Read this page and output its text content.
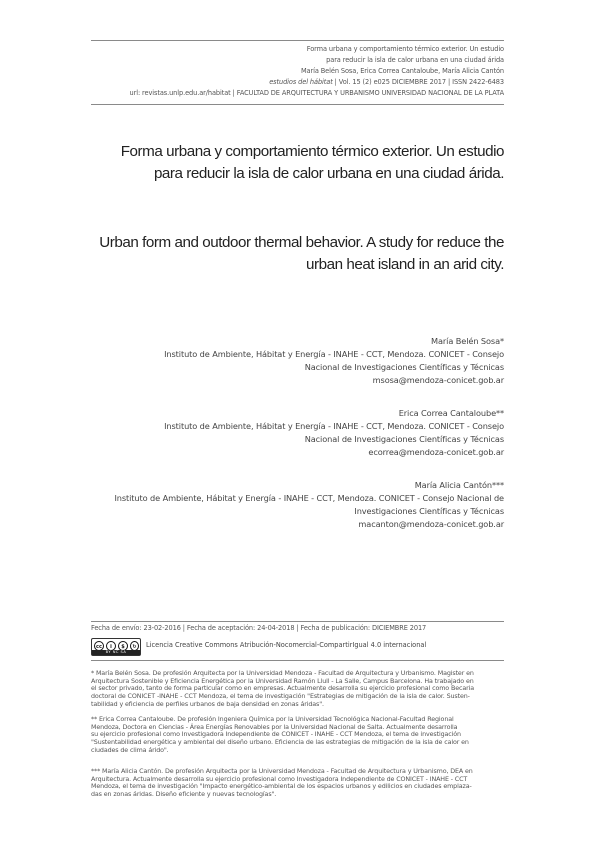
Forma urbana y comportamiento térmico exterior. Un estudio
para reducir la isla de calor urbana en una ciudad árida
María Belén Sosa, Erica Correa Cantaloube, María Alicia Cantón
estudios del hábitat | Vol. 15 (2) e025 DICIEMBRE 2017 | ISSN 2422-6483
url: revistas.unlp.edu.ar/habitat | FACULTAD DE ARQUITECTURA Y URBANISMO UNIVERSIDAD NACIONAL DE LA PLATA
Forma urbana y comportamiento térmico exterior. Un estudio
para reducir la isla de calor urbana en una ciudad árida.
Urban form and outdoor thermal behavior. A study for reduce the
urban heat island in an arid city.
María Belén Sosa*
Instituto de Ambiente, Hábitat y Energía - INAHE - CCT, Mendoza. CONICET - Consejo
Nacional de Investigaciones Científicas y Técnicas
msosa@mendoza-conicet.gob.ar
Erica Correa Cantaloube**
Instituto de Ambiente, Hábitat y Energía - INAHE - CCT, Mendoza. CONICET - Consejo
Nacional de Investigaciones Científicas y Técnicas
ecorrea@mendoza-conicet.gob.ar
María Alicia Cantón***
Instituto de Ambiente, Hábitat y Energía - INAHE - CCT, Mendoza. CONICET - Consejo Nacional de
Investigaciones Científicas y Técnicas
macanton@mendoza-conicet.gob.ar
Fecha de envío: 23-02-2016 | Fecha de aceptación: 24-04-2018 | Fecha de publicación: DICIEMBRE 2017
cc	i	$	↻
BY NC SA
Licencia Creative Commons Atribución-Nocomercial-CompartirIgual 4.0 internacional
* María Belén Sosa. De profesión Arquitecta por la Universidad Mendoza - Facultad de Arquitectura y Urbanismo. Magister en
Arquitectura Sostenible y Eficiencia Energética por la Universidad Ramón Llull - La Salle, Campus Barcelona. Ha trabajado en
el sector privado, tanto de forma particular como en empresas. Actualmente desarrolla su ejercicio profesional como Becaria
doctoral de CONICET -INAHE - CCT Mendoza, el tema de investigación "Estrategias de mitigación de la isla de calor. Susten-
tabilidad y eficiencia de perfiles urbanos de baja densidad en zonas áridas".
** Erica Correa Cantaloube. De profesión Ingeniera Química por la Universidad Tecnológica Nacional-Facultad Regional
Mendoza, Doctora en Ciencias - Área Energías Renovables por la Universidad Nacional de Salta. Actualmente desarrolla
su ejercicio profesional como Investigadora Independiente de CONICET - INAHE - CCT Mendoza, el tema de investigación
"Sustentabilidad energética y ambiental del diseño urbano. Eficiencia de las estrategias de mitigación de la isla de calor en
ciudades de clima árido".
*** María Alicia Cantón. De profesión Arquitecta por la Universidad Mendoza - Facultad de Arquitectura y Urbanismo, DEA en
Arquitectura. Actualmente desarrolla su ejercicio profesional como Investigadora Independiente de CONICET - INAHE - CCT
Mendoza, el tema de investigación "Impacto energético-ambiental de los espacios urbanos y edilicios en ciudades emplaza-
das en zonas áridas. Diseño eficiente y nuevas tecnologías".
